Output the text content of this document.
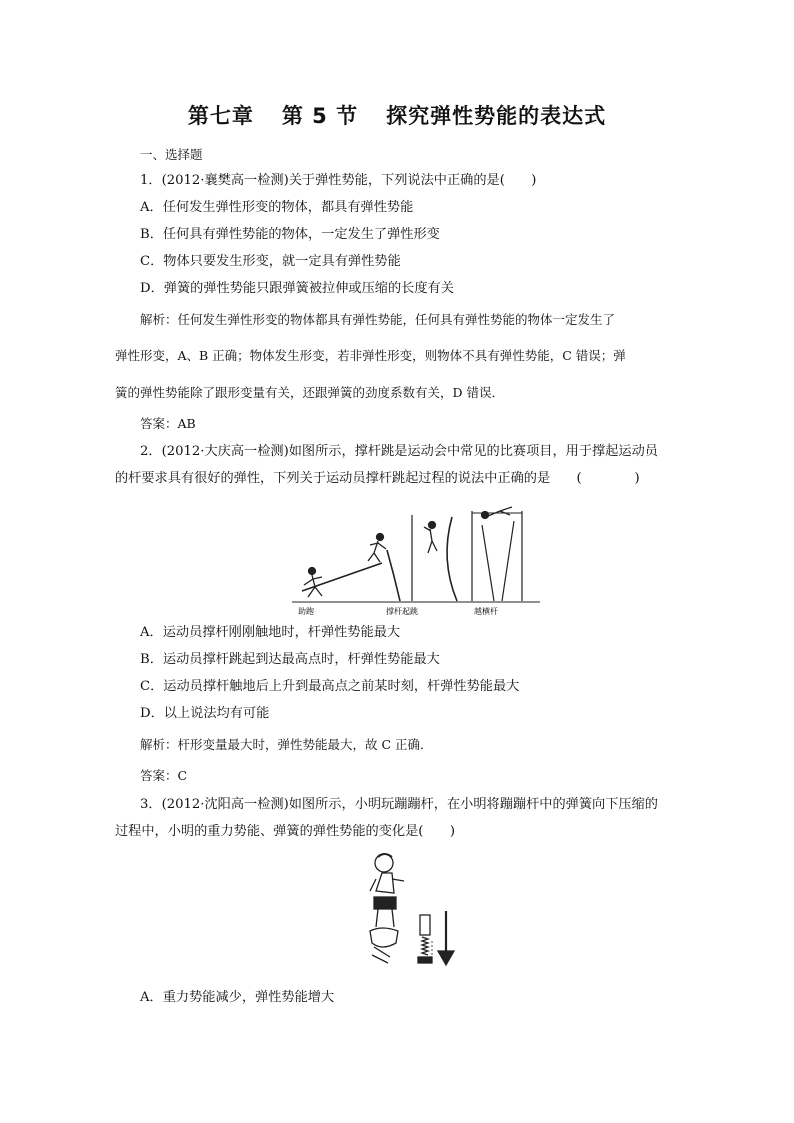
第七章 第 5 节 探究弹性势能的表达式
一、选择题
1．(2012·襄樊高一检测)关于弹性势能，下列说法中正确的是(　　)
A．任何发生弹性形变的物体，都具有弹性势能
B．任何具有弹性势能的物体，一定发生了弹性形变
C．物体只要发生形变，就一定具有弹性势能
D．弹簧的弹性势能只跟弹簧被拉伸或压缩的长度有关
解析：任何发生弹性形变的物体都具有弹性势能，任何具有弹性势能的物体一定发生了
弹性形变，A、B 正确；物体发生形变，若非弹性形变，则物体不具有弹性势能，C 错误；弹
簧的弹性势能除了跟形变量有关，还跟弹簧的劲度系数有关，D 错误．
答案：AB
2．(2012·大庆高一检测)如图所示，撑杆跳是运动会中常见的比赛项目，用于撑起运动员
的杆要求具有很好的弹性，下列关于运动员撑杆跳起过程的说法中正确的是　　(　　　　)
助跑	撑杆起跳	越横杆
A．运动员撑杆刚刚触地时，杆弹性势能最大
B．运动员撑杆跳起到达最高点时，杆弹性势能最大
C．运动员撑杆触地后上升到最高点之前某时刻，杆弹性势能最大
D．以上说法均有可能
解析：杆形变量最大时，弹性势能最大，故 C 正确．
答案：C
3．(2012·沈阳高一检测)如图所示，小明玩蹦蹦杆，在小明将蹦蹦杆中的弹簧向下压缩的
过程中，小明的重力势能、弹簧的弹性势能的变化是(　　)
A．重力势能减少，弹性势能增大
